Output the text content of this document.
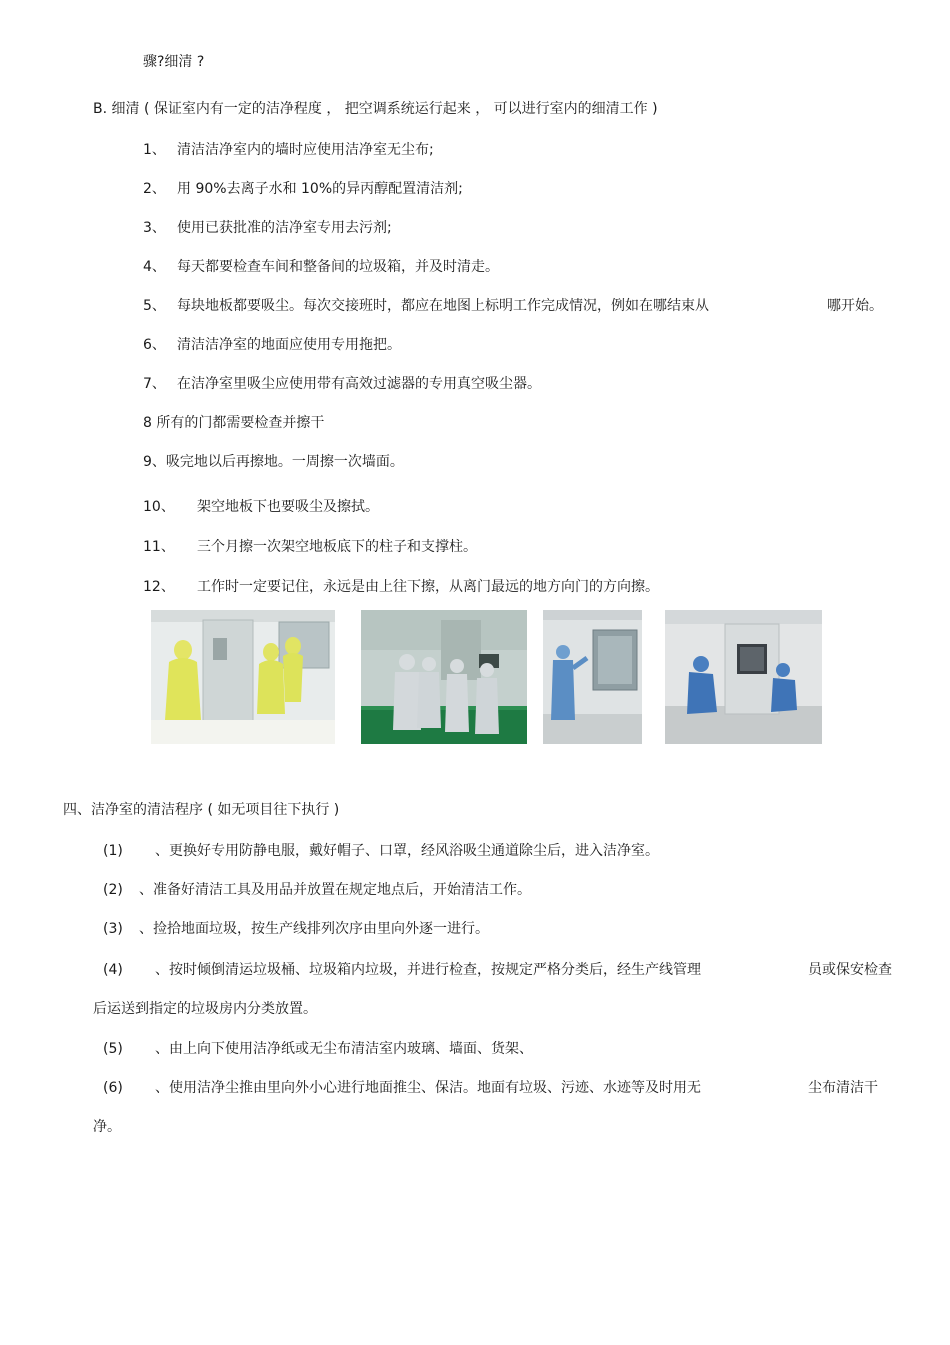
骤?细清 ?
B. 细清 ( 保证室内有一定的洁净程度 ， 把空调系统运行起来 ， 可以进行室内的细清工作 )
1、 清洁洁净室内的墙时应使用洁净室无尘布;
2、 用 90%去离子水和 10%的异丙醇配置清洁剂;
3、 使用已获批准的洁净室专用去污剂;
4、 每天都要检查车间和整备间的垃圾箱，并及时清走。
5、 每块地板都要吸尘。每次交接班时，都应在地图上标明工作完成情况，例如在哪结束从	哪开始。
6、 清洁洁净室的地面应使用专用拖把。
7、 在洁净室里吸尘应使用带有高效过滤器的专用真空吸尘器。
8 所有的门都需要检查并擦干
9、吸完地以后再擦地。一周擦一次墙面。
10、 架空地板下也要吸尘及擦拭。
11、 三个月擦一次架空地板底下的柱子和支撑柱。
12、 工作时一定要记住，永远是由上往下擦，从离门最远的地方向门的方向擦。
四、洁净室的清洁程序 ( 如无项目往下执行 )
(1) 、更换好专用防静电服，戴好帽子、口罩，经风浴吸尘通道除尘后，进入洁净室。
(2) 、准备好清洁工具及用品并放置在规定地点后，开始清洁工作。
(3) 、捡拾地面垃圾，按生产线排列次序由里向外逐一进行。
(4) 、按时倾倒清运垃圾桶、垃圾箱内垃圾，并进行检查，按规定严格分类后，经生产线管理	员或保安检查
后运送到指定的垃圾房内分类放置。
(5) 、由上向下使用洁净纸或无尘布清洁室内玻璃、墙面、货架、
(6) 、使用洁净尘推由里向外小心进行地面推尘、保洁。地面有垃圾、污迹、水迹等及时用无	尘布清洁干
净。
